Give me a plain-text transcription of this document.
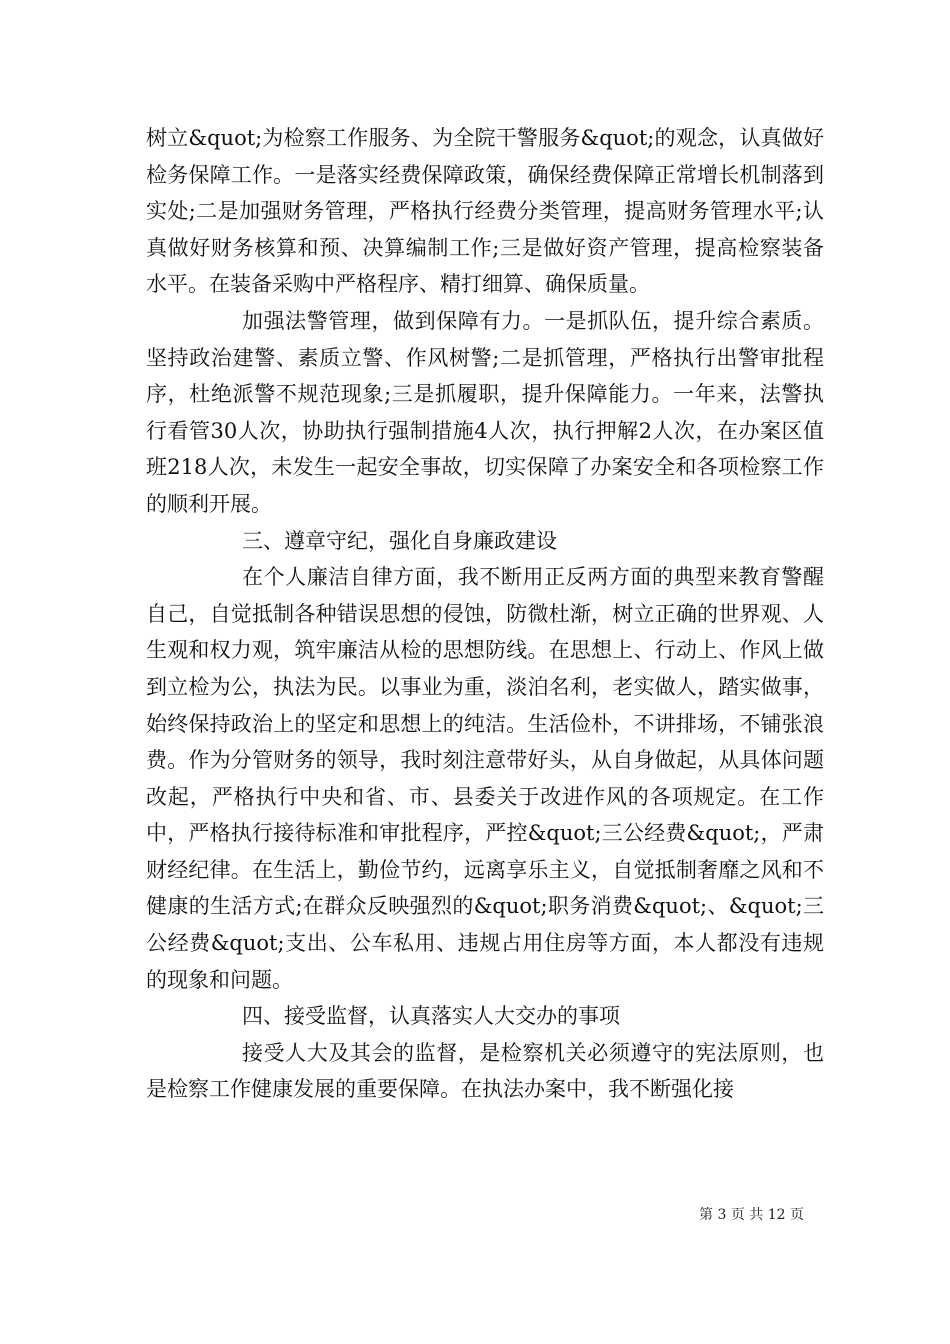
树立&quot;为检察工作服务、为全院干警服务&quot;的观念，认真做好检务保障工作。一是落实经费保障政策，确保经费保障正常增长机制落到实处;二是加强财务管理，严格执行经费分类管理，提高财务管理水平;认真做好财务核算和预、决算编制工作;三是做好资产管理，提高检察装备水平。在装备采购中严格程序、精打细算、确保质量。

加强法警管理，做到保障有力。一是抓队伍，提升综合素质。坚持政治建警、素质立警、作风树警;二是抓管理，严格执行出警审批程序，杜绝派警不规范现象;三是抓履职，提升保障能力。一年来，法警执行看管30人次，协助执行强制措施4人次，执行押解2人次，在办案区值班218人次，未发生一起安全事故，切实保障了办案安全和各项检察工作的顺利开展。

三、遵章守纪，强化自身廉政建设

在个人廉洁自律方面，我不断用正反两方面的典型来教育警醒自己，自觉抵制各种错误思想的侵蚀，防微杜渐，树立正确的世界观、人生观和权力观，筑牢廉洁从检的思想防线。在思想上、行动上、作风上做到立检为公，执法为民。以事业为重，淡泊名利，老实做人，踏实做事，始终保持政治上的坚定和思想上的纯洁。生活俭朴，不讲排场，不铺张浪费。作为分管财务的领导，我时刻注意带好头，从自身做起，从具体问题改起，严格执行中央和省、市、县委关于改进作风的各项规定。在工作中，严格执行接待标准和审批程序，严控&quot;三公经费&quot;，严肃财经纪律。在生活上，勤俭节约，远离享乐主义，自觉抵制奢靡之风和不健康的生活方式;在群众反映强烈的&quot;职务消费&quot;、&quot;三公经费&quot;支出、公车私用、违规占用住房等方面，本人都没有违规的现象和问题。

四、接受监督，认真落实人大交办的事项

接受人大及其会的监督，是检察机关必须遵守的宪法原则，也是检察工作健康发展的重要保障。在执法办案中，我不断强化接

第 3 页 共 12 页
